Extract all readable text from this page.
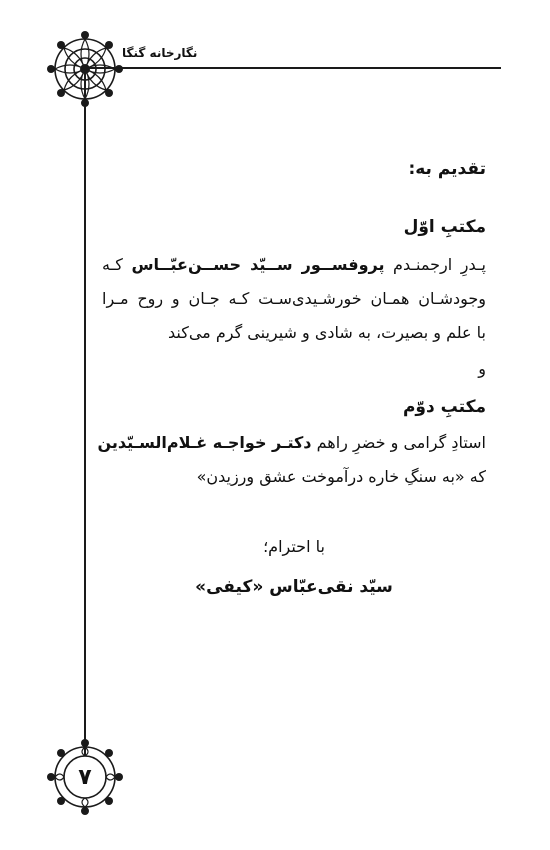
نگارخانه گنگا
۷
تقدیم به:
مکتبِ اوّل
پـدرِ ارجمنـدم پروفســور ســیّد حســن‌عبّــاس کـه
وجودشـان همـان خورشـیدی‌سـت کـه جـان و روح مـرا
با علم و بصیرت، به شادی و شیرینی گرم می‌کند
و
مکتبِ دوّم
استادِ گرامی و خضرِ راهم دکتـر خواجـه غـلام‌السـیّدین
که «به سنگِ خاره درآموخت عشق ورزیدن»
با احترام؛
سیّد نقی‌عبّاس «کیفی»
